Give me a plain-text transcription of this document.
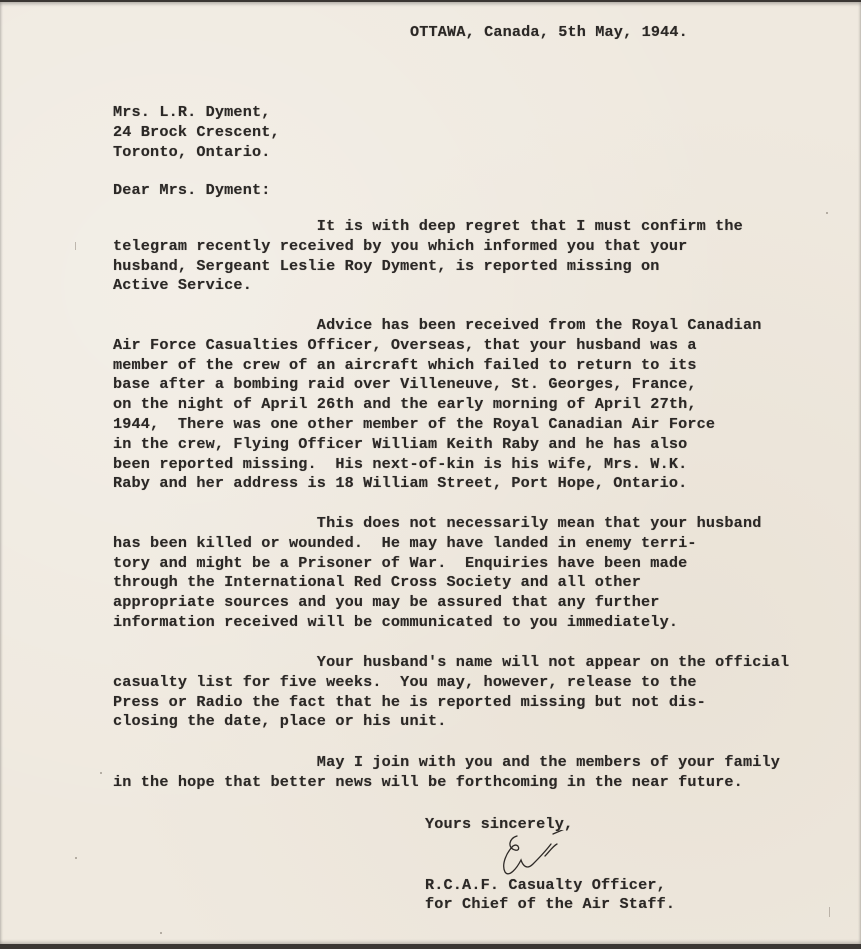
OTTAWA, Canada, 5th May, 1944.
Mrs. L.R. Dyment,
24 Brock Crescent,
Toronto, Ontario.
Dear Mrs. Dyment:
It is with deep regret that I must confirm the
telegram recently received by you which informed you that your
husband, Sergeant Leslie Roy Dyment, is reported missing on
Active Service.
Advice has been received from the Royal Canadian
Air Force Casualties Officer, Overseas, that your husband was a
member of the crew of an aircraft which failed to return to its
base after a bombing raid over Villeneuve, St. Georges, France,
on the night of April 26th and the early morning of April 27th,
1944,  There was one other member of the Royal Canadian Air Force
in the crew, Flying Officer William Keith Raby and he has also
been reported missing.  His next-of-kin is his wife, Mrs. W.K.
Raby and her address is 18 William Street, Port Hope, Ontario.
This does not necessarily mean that your husband
has been killed or wounded.  He may have landed in enemy terri-
tory and might be a Prisoner of War.  Enquiries have been made
through the International Red Cross Society and all other
appropriate sources and you may be assured that any further
information received will be communicated to you immediately.
Your husband's name will not appear on the official
casualty list for five weeks.  You may, however, release to the
Press or Radio the fact that he is reported missing but not dis-
closing the date, place or his unit.
May I join with you and the members of your family
in the hope that better news will be forthcoming in the near future.
Yours sincerely,
R.C.A.F. Casualty Officer,
for Chief of the Air Staff.
